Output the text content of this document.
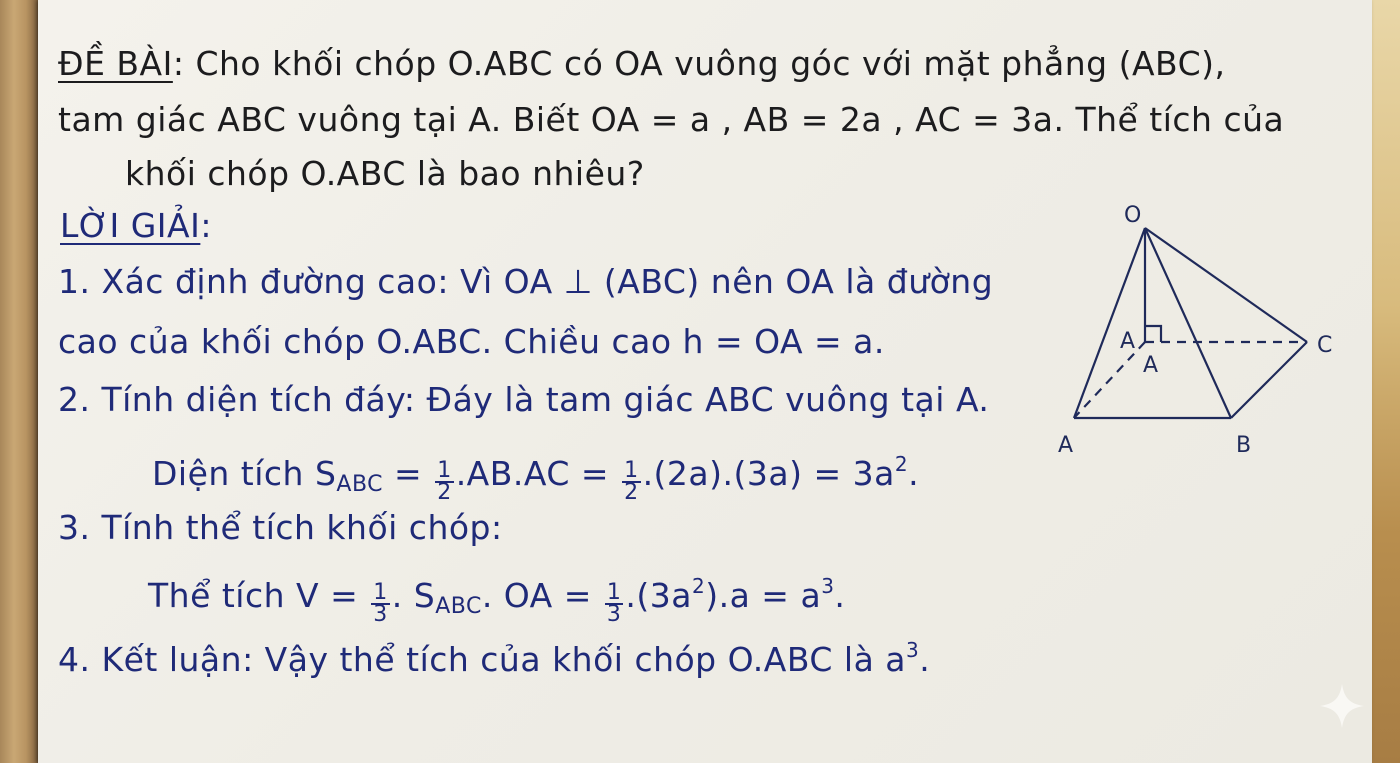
ĐỀ BÀI: Cho khối chóp O.ABC có OA vuông góc với mặt phẳng (ABC),
tam giác ABC vuông tại A. Biết OA = a , AB = 2a , AC = 3a. Thể tích của
khối chóp O.ABC là bao nhiêu?
LỜI GIẢI:
1. Xác định đường cao: Vì OA ⊥ (ABC) nên OA là đường
cao của khối chóp O.ABC. Chiều cao h = OA = a.
2. Tính diện tích đáy: Đáy là tam giác ABC vuông tại A.
Diện tích $S_{ABC} = \frac{1}{2} .AB.AC = \frac{1}{2} .(2a).(3a) = 3a^2$.
3. Tính thể tích khối chóp:
Thể tích $V = \frac{1}{3}$ . $S_{ABC}$. OA = $\frac{1}{3} .(3a^2).a = a^3$.
4. Kết luận: Vậy thể tích của khối chóp O.ABC là $a^3$.
O
A
A
C
A	B
